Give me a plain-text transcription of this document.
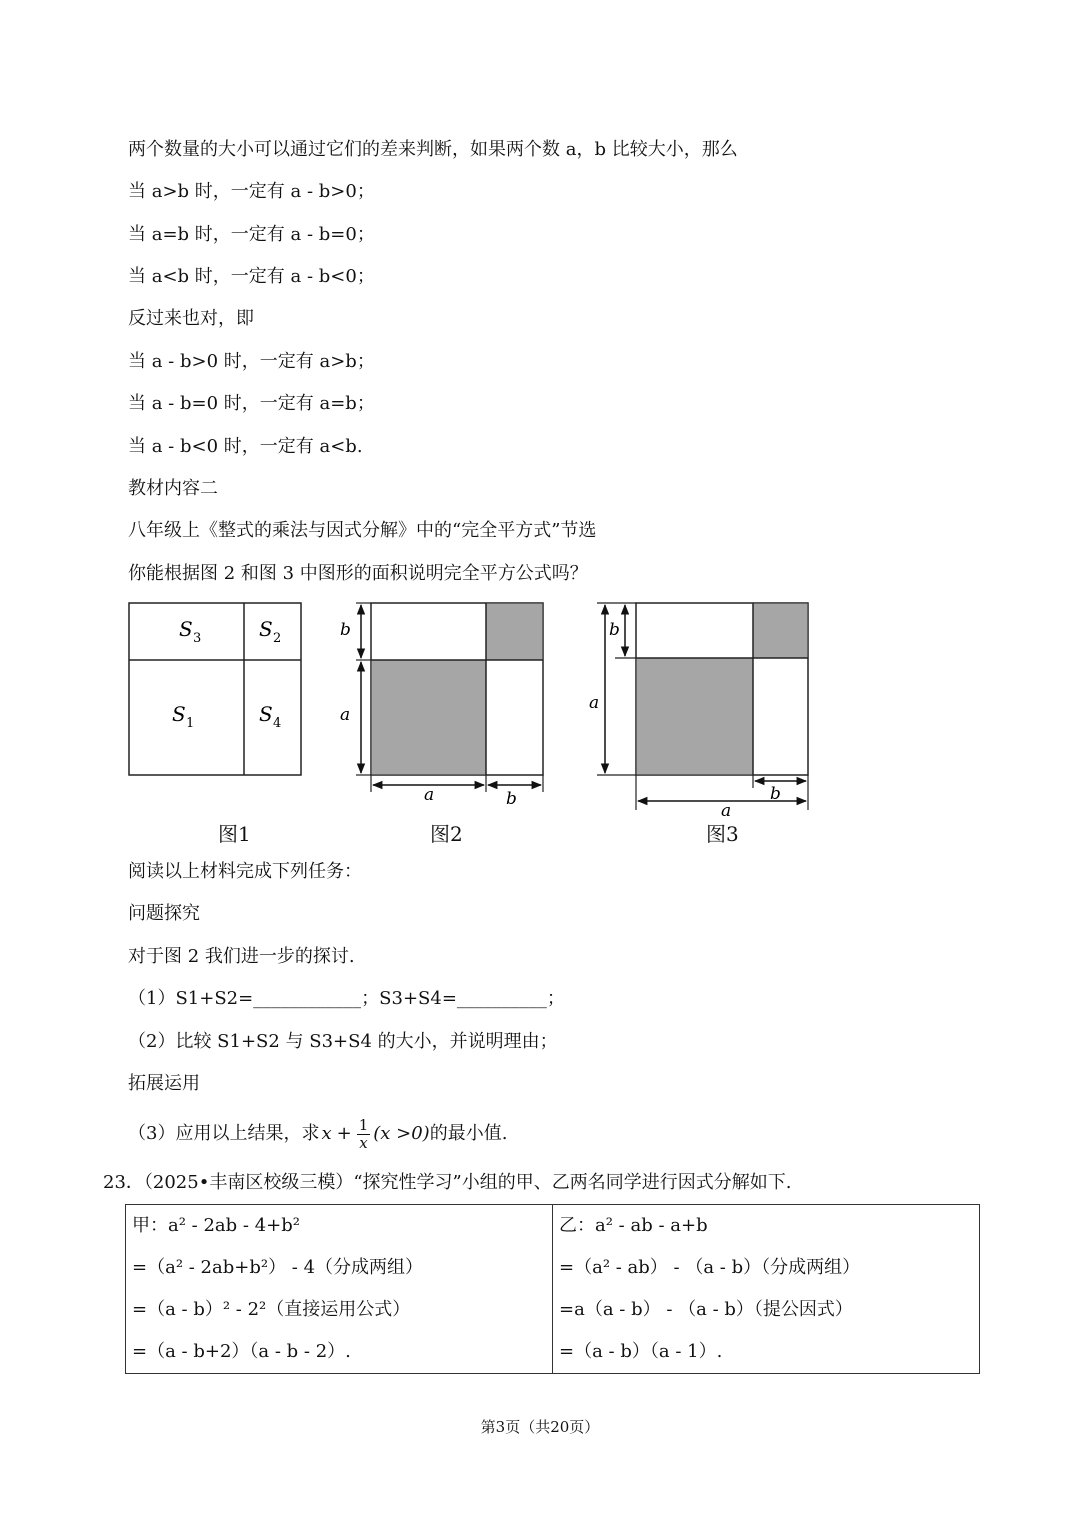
两个数量的大小可以通过它们的差来判断，如果两个数 a，b 比较大小，那么
当 a>b 时，一定有 a - b>0；
当 a=b 时，一定有 a - b=0；
当 a<b 时，一定有 a - b<0；
反过来也对，即
当 a - b>0 时，一定有 a>b；
当 a - b=0 时，一定有 a=b；
当 a - b<0 时，一定有 a<b.
教材内容二
八年级上《整式的乘法与因式分解》中的“完全平方式”节选
你能根据图 2 和图 3 中图形的面积说明完全平方公式吗？
S 3	S 2
S 1	S 4
图1
b
a
a	b
图2
b
a
b
a
图3
阅读以上材料完成下列任务：
问题探究
对于图 2 我们进一步的探讨.
（1）S1+S2=____________；S3+S4=__________；
（2）比较 S1+S2 与 S3+S4 的大小，并说明理由；
拓展运用
（3）应用以上结果，求 $x + \frac{1}{x} (x >0)$ 的最小值.
23．（2025•丰南区校级三模）“探究性学习”小组的甲、乙两名同学进行因式分解如下.
甲：a² - 2ab - 4+b²
=（a² - 2ab+b²） - 4（分成两组）
=（a - b）² - 2²（直接运用公式）
=（a - b+2）（a - b - 2）.

乙：a² - ab - a+b
=（a² - ab） - （a - b）（分成两组）
=a（a - b） - （a - b）（提公因式）
=（a - b）（a - 1）.
第3页（共20页）
